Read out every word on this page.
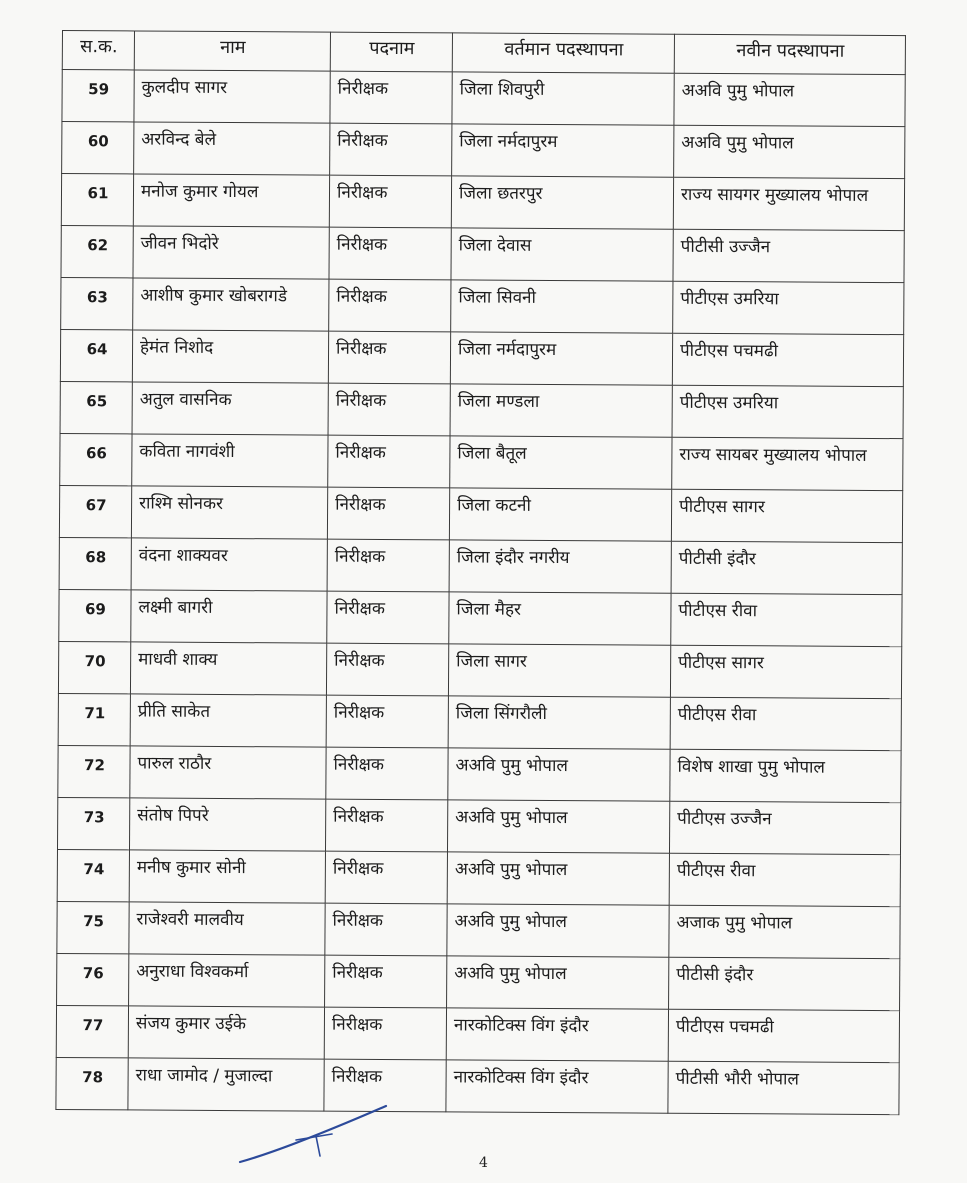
स.क.	नाम	पदनाम	वर्तमान पदस्थापना	नवीन पदस्थापना
59	कुलदीप सागर	निरीक्षक	जिला शिवपुरी	अअवि पुमु भोपाल
60	अरविन्द बेले	निरीक्षक	जिला नर्मदापुरम	अअवि पुमु भोपाल
61	मनोज कुमार गोयल	निरीक्षक	जिला छतरपुर	राज्य सायगर मुख्यालय भोपाल
62	जीवन भिदोरे	निरीक्षक	जिला देवास	पीटीसी उज्जैन
63	आशीष कुमार खोबरागडे	निरीक्षक	जिला सिवनी	पीटीएस उमरिया
64	हेमंत निशोद	निरीक्षक	जिला नर्मदापुरम	पीटीएस पचमढी
65	अतुल वासनिक	निरीक्षक	जिला मण्डला	पीटीएस उमरिया
66	कविता नागवंशी	निरीक्षक	जिला बैतूल	राज्य सायबर मुख्यालय भोपाल
67	राश्मि सोनकर	निरीक्षक	जिला कटनी	पीटीएस सागर
68	वंदना शाक्यवर	निरीक्षक	जिला इंदौर नगरीय	पीटीसी इंदौर
69	लक्ष्मी बागरी	निरीक्षक	जिला मैहर	पीटीएस रीवा
70	माधवी शाक्य	निरीक्षक	जिला सागर	पीटीएस सागर
71	प्रीति साकेत	निरीक्षक	जिला सिंगरौली	पीटीएस रीवा
72	पारुल राठौर	निरीक्षक	अअवि पुमु भोपाल	विशेष शाखा पुमु भोपाल
73	संतोष पिपरे	निरीक्षक	अअवि पुमु भोपाल	पीटीएस उज्जैन
74	मनीष कुमार सोनी	निरीक्षक	अअवि पुमु भोपाल	पीटीएस रीवा
75	राजेश्वरी मालवीय	निरीक्षक	अअवि पुमु भोपाल	अजाक पुमु भोपाल
76	अनुराधा विश्वकर्मा	निरीक्षक	अअवि पुमु भोपाल	पीटीसी इंदौर
77	संजय कुमार उईके	निरीक्षक	नारकोटिक्स विंग इंदौर	पीटीएस पचमढी
78	राधा जामोद / मुजाल्दा	निरीक्षक	नारकोटिक्स विंग इंदौर	पीटीसी भौरी भोपाल
4
